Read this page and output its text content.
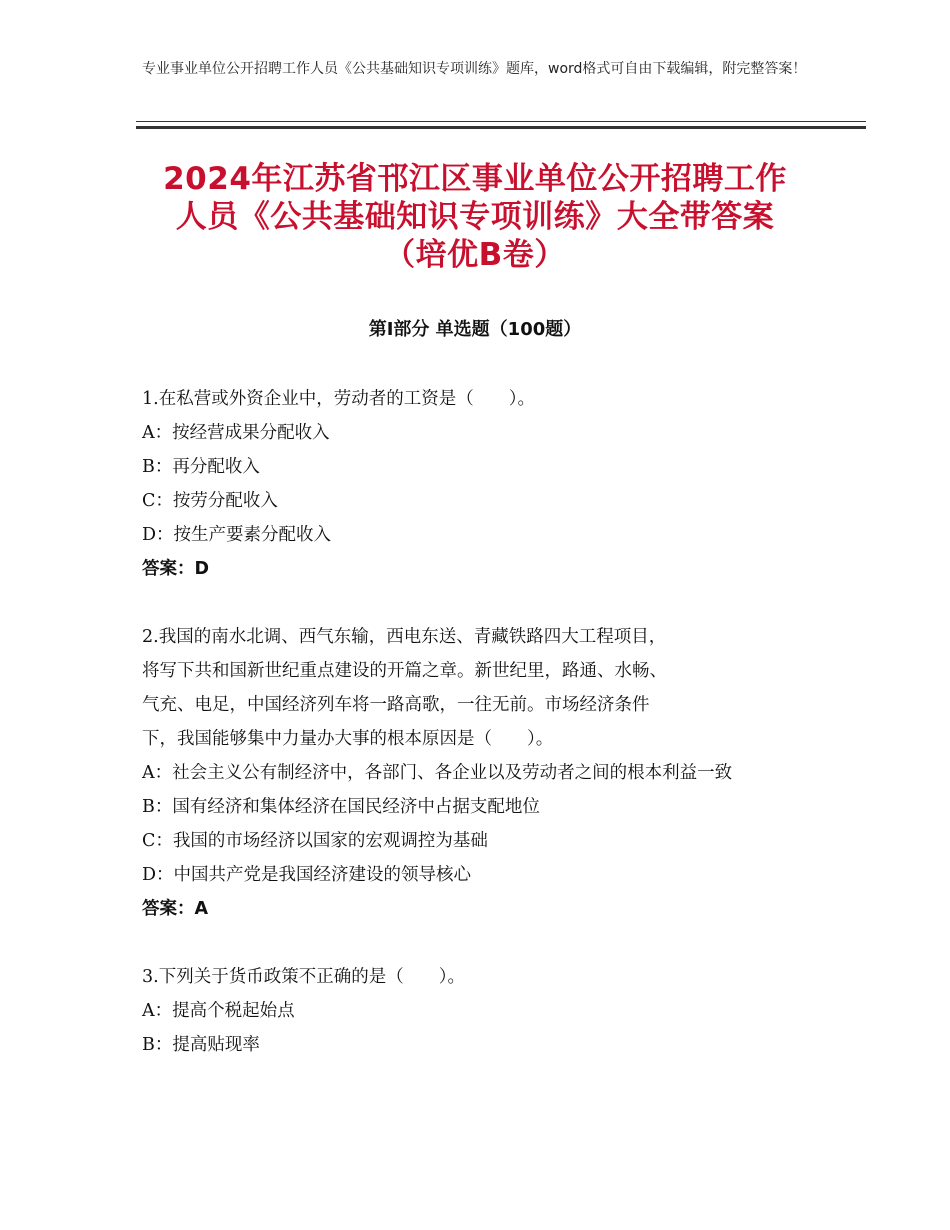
专业事业单位公开招聘工作人员《公共基础知识专项训练》题库，word格式可自由下载编辑，附完整答案！
2024年江苏省邗江区事业单位公开招聘工作
人员《公共基础知识专项训练》大全带答案
（培优B卷）
第Ⅰ部分 单选题（100题）
1.在私营或外资企业中，劳动者的工资是（　　）。
A：按经营成果分配收入
B：再分配收入
C：按劳分配收入
D：按生产要素分配收入
答案：D
2.我国的南水北调、西气东输，西电东送、青藏铁路四大工程项目，
将写下共和国新世纪重点建设的开篇之章。新世纪里，路通、水畅、
气充、电足，中国经济列车将一路高歌，一往无前。市场经济条件
下，我国能够集中力量办大事的根本原因是（　　）。
A：社会主义公有制经济中，各部门、各企业以及劳动者之间的根本利益一致
B：国有经济和集体经济在国民经济中占据支配地位
C：我国的市场经济以国家的宏观调控为基础
D：中国共产党是我国经济建设的领导核心
答案：A
3.下列关于货币政策不正确的是（　　）。
A：提高个税起始点
B：提高贴现率
